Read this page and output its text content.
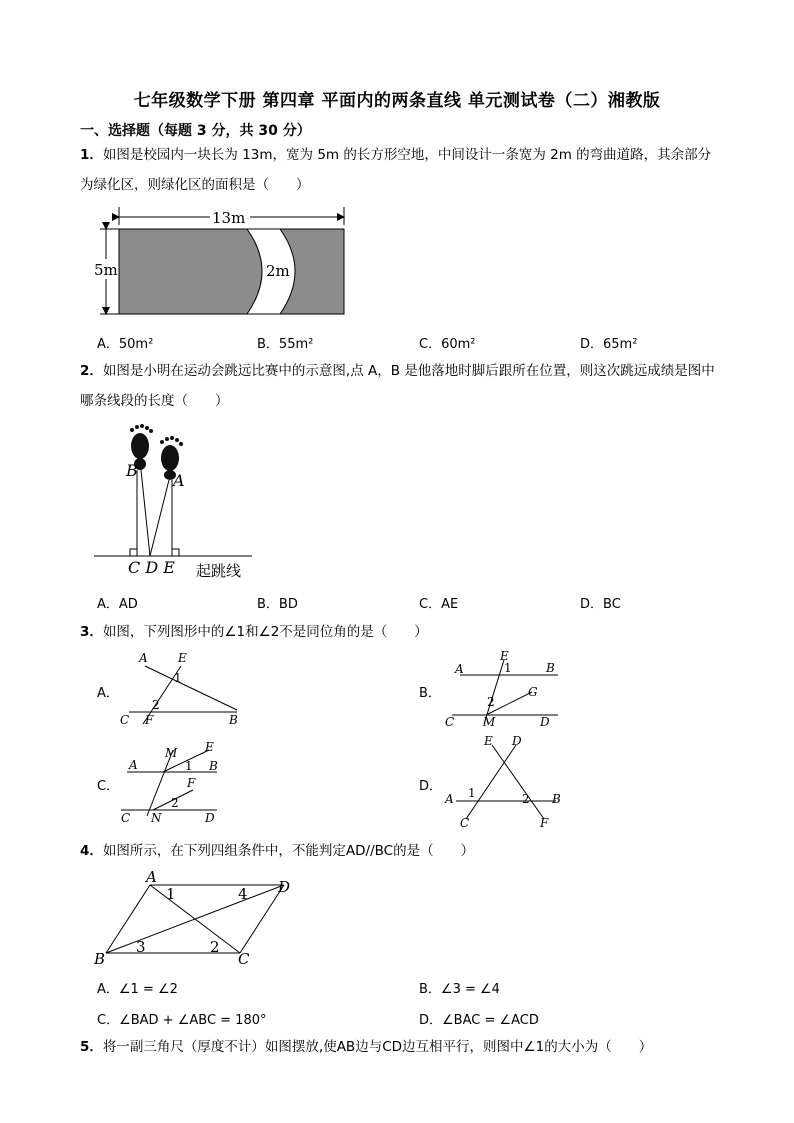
七年级数学下册 第四章 平面内的两条直线 单元测试卷（二）湘教版
一、选择题（每题 3 分，共 30 分）
1．如图是校园内一块长为 13m，宽为 5m 的长方形空地，中间设计一条宽为 2m 的弯曲道路，其余部分为绿化区，则绿化区的面积是（　　）
13m
5m	2m
A．50m²	B．55m²	C．60m²	D．65m²
2．如图是小明在运动会跳远比赛中的示意图,点 A，B 是他落地时脚后跟所在位置，则这次跳远成绩是图中哪条线段的长度（　　）
B
A
C D E 起跳线
A．AD	B．BD	C．AE	D．BC
3．如图，下列图形中的∠1和∠2不是同位角的是（　　）
A．
A	E
1
2
C F	B
B．
E
A	1	B
G
2
C M	D
C．
M E
A	1 B
F
2
C N	D
D．
E D
A 1	2 B
C	F
4．如图所示，在下列四组条件中，不能判定AD//BC的是（　　）
A
D
B	C
1
2
3
4
A．∠1 = ∠2	B．∠3 = ∠4
C．∠BAD + ∠ABC = 180°	D．∠BAC = ∠ACD
5．将一副三角尺（厚度不计）如图摆放,使AB边与CD边互相平行，则图中∠1的大小为（　　）
